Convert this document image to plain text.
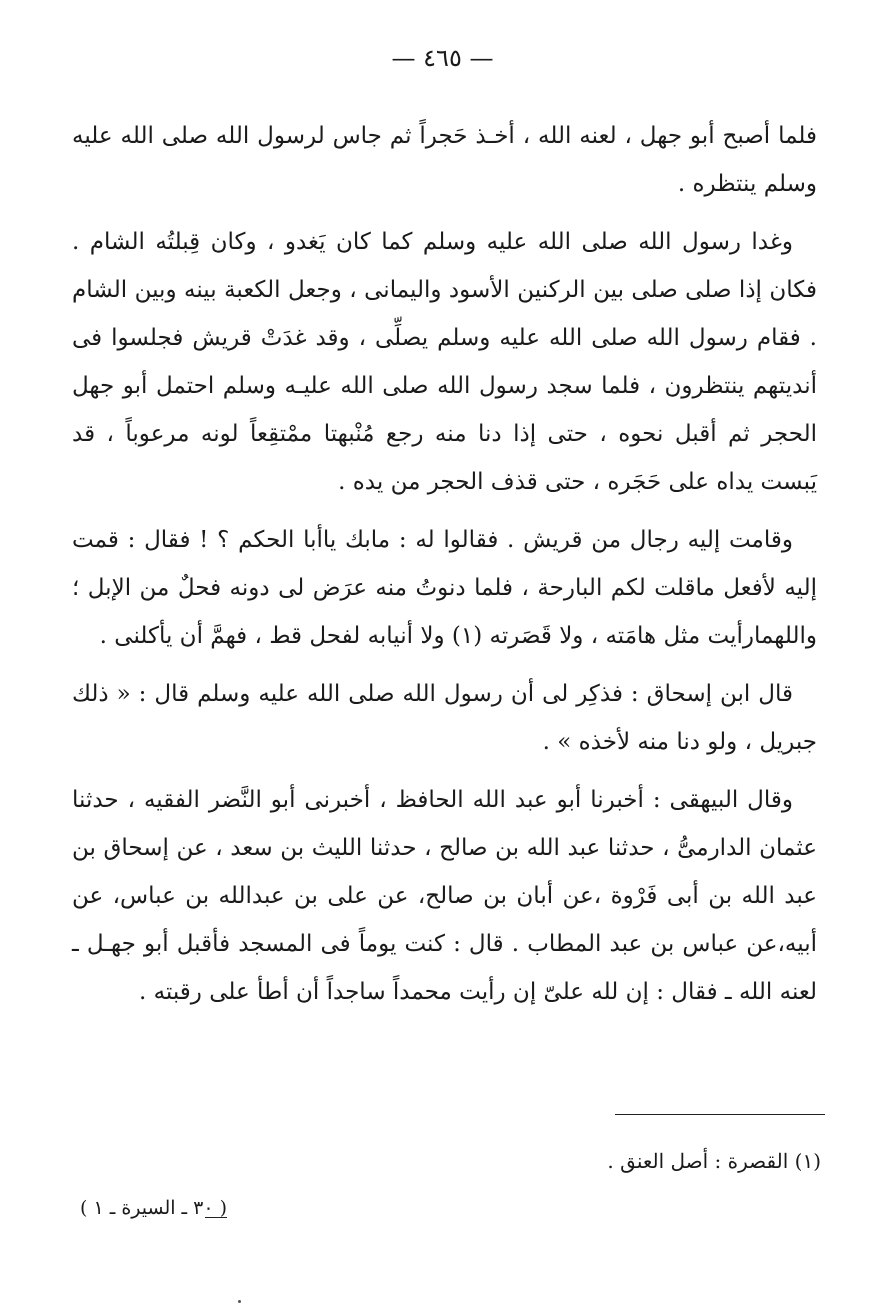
— ٤٦٥ —

فلما أصبح أبو جهل ، لعنه الله ، أخـذ حَجراً ثم جاس لرسول الله صلى الله عليه وسلم ينتظره .

وغدا رسول الله صلى الله عليه وسلم كما كان يَغدو ، وكان قِبلتُه الشام . فكان إذا صلى صلى بين الركنين الأسود واليمانى ، وجعل الكعبة بينه وبين الشام . فقام رسول الله صلى الله عليه وسلم يصلِّى ، وقد غدَتْ قريش فجلسوا فى أنديتهم ينتظرون ، فلما سجد رسول الله صلى الله عليـه وسلم احتمل أبو جهل الحجر ثم أقبل نحوه ، حتى إذا دنا منه رجع مُنْبهتا ممْتقِعاً لونه مرعوباً ، قد يَبست يداه على حَجَره ، حتى قذف الحجر من يده .

وقامت إليه رجال من قريش . فقالوا له : مابك ياأبا الحكم ؟ ! فقال : قمت إليه لأفعل ماقلت لكم البارحة ، فلما دنوتُ منه عرَض لى دونه فحلٌ من الإبل ؛ واللهمارأيت مثل هامَته ، ولا قَصَرته (١) ولا أنيابه لفحل قط ، فهمَّ أن يأكلنى .

قال ابن إسحاق : فذكِر لى أن رسول الله صلى الله عليه وسلم قال : « ذلك جبريل ، ولو دنا منه لأخذه » .

وقال البيهقى : أخبرنا أبو عبد الله الحافظ ، أخبرنى أبو النَّضر الفقيه ، حدثنا عثمان الدارمىُّ ، حدثنا عبد الله بن صالح ، حدثنا الليث بن سعد ، عن إسحاق بن عبد الله بن أبى فَرْوة ،عن أبان بن صالح، عن على بن عبدالله بن عباس، عن أبيه،عن عباس بن عبد المطاب . قال : كنت يوماً فى المسجد فأقبل أبو جهـل ـ لعنه الله ـ فقال : إن لله علىّ إن رأيت محمداً ساجداً أن أطأ على رقبته .

(١) القصرة : أصل العنق .
( ٣٠ ـ السيرة ـ ١ )
